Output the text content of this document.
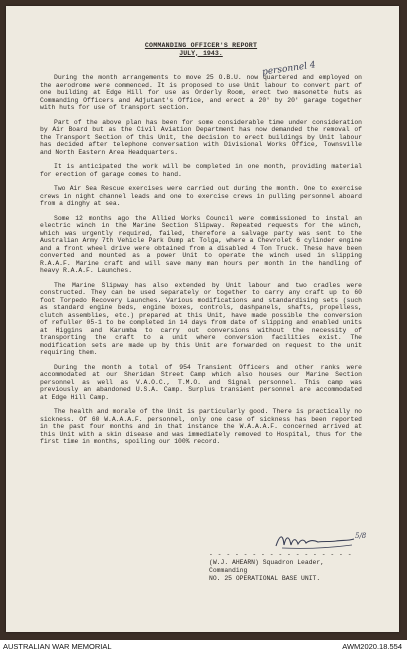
COMMANDING OFFICER'S REPORT
JULY, 1943.

During the month arrangements to move 25 O.B.U. now quartered and employed on the aerodrome were commenced. It is proposed to use Unit labour to convert part of one building at Edge Hill for use as Orderly Room, erect two masonette huts as Commanding Officers and Adjutant's Office, and erect a 20' by 20' garage together with huts for use of transport section.

Part of the above plan has been for some considerable time under consideration by Air Board but as the Civil Aviation Department has now demanded the removal of the Transport Section of this Unit, the decision to erect buildings by Unit labour has decided after telephone conversation with Divisional Works Office, Townsville and North Eastern Area Headquarters.

It is anticipated the work will be completed in one month, providing material for erection of garage comes to hand.

Two Air Sea Rescue exercises were carried out during the month. One to exercise crews in night channel leads and one to exercise crews in pulling personnel aboard from a dinghy at sea.

Some 12 months ago the Allied Works Council were commissioned to instal an electric winch in the Marine Section Slipway. Repeated requests for the winch, which was urgently required, failed, therefore a salvage party was sent to the Australian Army 7th Vehicle Park Dump at Tolga, where a Chevrolet 6 cylinder engine and a front wheel drive were obtained from a disabled 4 Ton Truck. These have been converted and mounted as a power Unit to operate the winch used in slipping R.A.A.F. Marine craft and will save many man hours per month in the handling of heavy R.A.A.F. Launches.

The Marine Slipway has also extended by Unit labour and two cradles were constructed. They can be used separately or together to carry any craft up to 60 foot Torpedo Recovery Launches. Various modifications and standardising sets (such as standard engine beds, engine boxes, controls, dashpanels, shafts, propelless, clutch assemblies, etc.) prepared at this Unit, have made possible the conversion of refuller 05-1 to be completed in 14 days from date of slipping and enabled units at Higgins and Karumba to carry out conversions without the necessity of transporting the craft to a unit where conversion facilities exist. The modification sets are made up by this Unit are forwarded on request to the unit requiring them.

During the month a total of 954 Transient Officers and other ranks were accommodated at our Sheridan Street Camp which also houses our Marine Section personnel as well as V.A.O.C., T.M.O. and Signal personnel. This camp was previously an abandoned U.S.A. Camp. Surplus transient personnel are accommodated at Edge Hill Camp.

The health and morale of the Unit is particularly good. There is practically no sickness. Of 60 W.A.A.A.F. personnel, only one case of sickness has been reported in the past four months and in that instance the W.A.A.A.F. concerned arrived at this Unit with a skin disease and was immediately removed to Hospital, thus for the first time in months, spoiling our 100% record.

personnel 4
5/8
- - - - - - - - - - - - - - - - -
(W.J. AHEARN) Squadron Leader,
Commanding
NO. 25 OPERATIONAL BASE UNIT.
AUSTRALIAN WAR MEMORIAL	AWM2020.18.554
